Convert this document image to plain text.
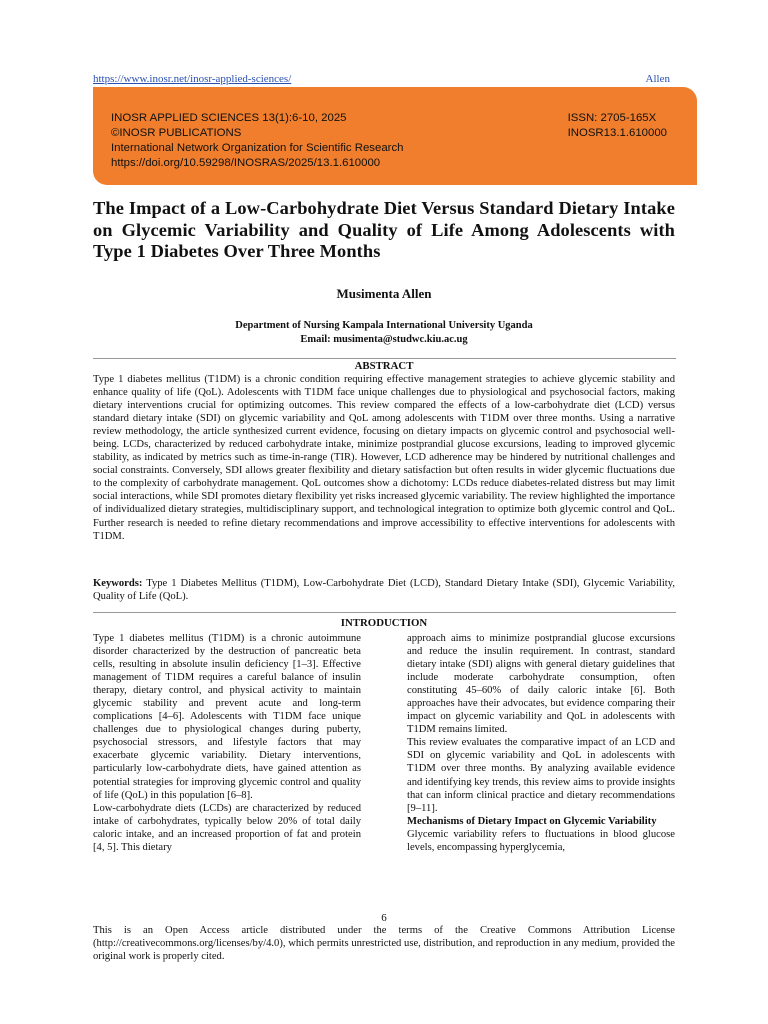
https://www.inosr.net/inosr-applied-sciences/	Allen
INOSR APPLIED SCIENCES 13(1):6-10, 2025
©INOSR PUBLICATIONS
International Network Organization for Scientific Research
https://doi.org/10.59298/INOSRAS/2025/13.1.610000
ISSN: 2705-165X
INOSR13.1.610000
The Impact of a Low-Carbohydrate Diet Versus Standard Dietary Intake on Glycemic Variability and Quality of Life Among Adolescents with Type 1 Diabetes Over Three Months
Musimenta Allen
Department of Nursing Kampala International University Uganda
Email: musimenta@studwc.kiu.ac.ug
ABSTRACT
Type 1 diabetes mellitus (T1DM) is a chronic condition requiring effective management strategies to achieve glycemic stability and enhance quality of life (QoL). Adolescents with T1DM face unique challenges due to physiological and psychosocial factors, making dietary interventions crucial for optimizing outcomes. This review compared the effects of a low-carbohydrate diet (LCD) versus standard dietary intake (SDI) on glycemic variability and QoL among adolescents with T1DM over three months. Using a narrative review methodology, the article synthesized current evidence, focusing on dietary impacts on glycemic control and psychosocial well-being. LCDs, characterized by reduced carbohydrate intake, minimize postprandial glucose excursions, leading to improved glycemic stability, as indicated by metrics such as time-in-range (TIR). However, LCD adherence may be hindered by nutritional challenges and social constraints. Conversely, SDI allows greater flexibility and dietary satisfaction but often results in wider glycemic fluctuations due to the complexity of carbohydrate management. QoL outcomes show a dichotomy: LCDs reduce diabetes-related distress but may limit social interactions, while SDI promotes dietary flexibility yet risks increased glycemic variability. The review highlighted the importance of individualized dietary strategies, multidisciplinary support, and technological integration to optimize both glycemic control and QoL. Further research is needed to refine dietary recommendations and improve accessibility to effective interventions for adolescents with T1DM.
Keywords: Type 1 Diabetes Mellitus (T1DM), Low-Carbohydrate Diet (LCD), Standard Dietary Intake (SDI), Glycemic Variability, Quality of Life (QoL).
INTRODUCTION

Type 1 diabetes mellitus (T1DM) is a chronic autoimmune disorder characterized by the destruction of pancreatic beta cells, resulting in absolute insulin deficiency [1–3]. Effective management of T1DM requires a careful balance of insulin therapy, dietary control, and physical activity to maintain glycemic stability and prevent acute and long-term complications [4–6]. Adolescents with T1DM face unique challenges due to physiological changes during puberty, psychosocial stressors, and lifestyle factors that may exacerbate glycemic variability. Dietary interventions, particularly low-carbohydrate diets, have gained attention as potential strategies for improving glycemic control and quality of life (QoL) in this population [6–8].

Low-carbohydrate diets (LCDs) are characterized by reduced intake of carbohydrates, typically below 20% of total daily caloric intake, and an increased proportion of fat and protein [4, 5]. This dietary

approach aims to minimize postprandial glucose excursions and reduce the insulin requirement. In contrast, standard dietary intake (SDI) aligns with general dietary guidelines that include moderate carbohydrate consumption, often constituting 45–60% of daily caloric intake [6]. Both approaches have their advocates, but evidence comparing their impact on glycemic variability and QoL in adolescents with T1DM remains limited.

This review evaluates the comparative impact of an LCD and SDI on glycemic variability and QoL in adolescents with T1DM over three months. By analyzing available evidence and identifying key trends, this review aims to provide insights that can inform clinical practice and dietary recommendations [9–11].

Mechanisms of Dietary Impact on Glycemic Variability

Glycemic variability refers to fluctuations in blood glucose levels, encompassing hyperglycemia,

6
This is an Open Access article distributed under the terms of the Creative Commons Attribution License (http://creativecommons.org/licenses/by/4.0), which permits unrestricted use, distribution, and reproduction in any medium, provided the original work is properly cited.
